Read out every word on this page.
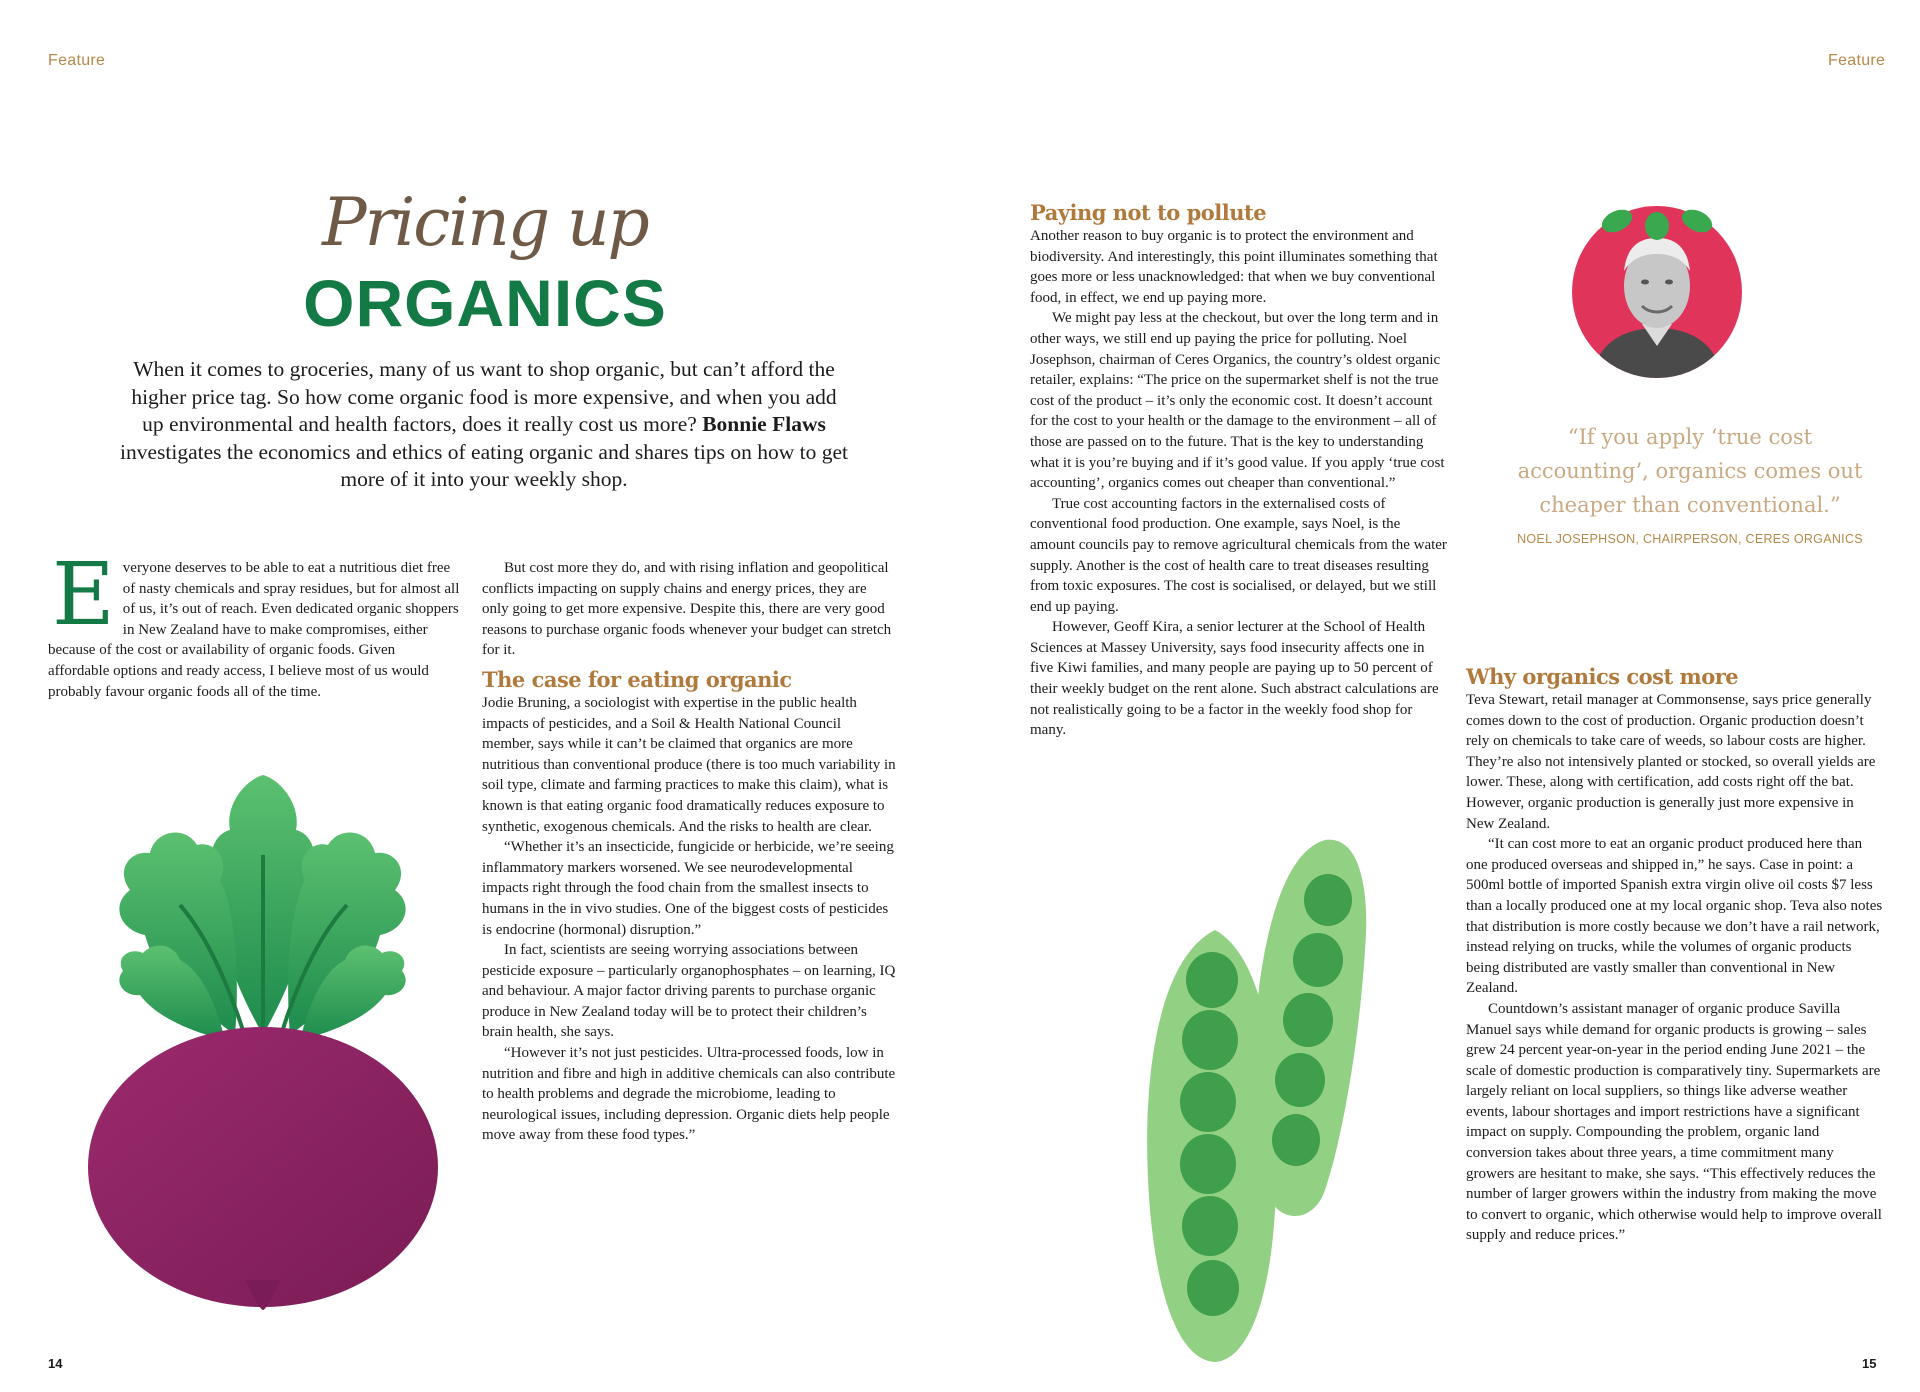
Feature	Feature
14	15
Pricing up
ORGANICS
When it comes to groceries, many of us want to shop organic, but can’t afford the higher price tag. So how come organic food is more expensive, and when you add up environmental and health factors, does it really cost us more? Bonnie Flaws investigates the economics and ethics of eating organic and shares tips on how to get more of it into your weekly shop.
E veryone deserves to be able to eat a nutritious diet free of nasty chemicals and spray residues, but for almost all of us, it’s out of reach. Even dedicated organic shoppers in New Zealand have to make compromises, either because of the cost or availability of organic foods. Given affordable options and ready access, I believe most of us would probably favour organic foods all of the time.

But cost more they do, and with rising inflation and geopolitical conflicts impacting on supply chains and energy prices, they are only going to get more expensive. Despite this, there are very good reasons to purchase organic foods whenever your budget can stretch for it.

The case for eating organic

Jodie Bruning, a sociologist with expertise in the public health impacts of pesticides, and a Soil & Health National Council member, says while it can’t be claimed that organics are more nutritious than conventional produce (there is too much variability in soil type, climate and farming practices to make this claim), what is known is that eating organic food dramatically reduces exposure to synthetic, exogenous chemicals. And the risks to health are clear.

“Whether it’s an insecticide, fungicide or herbicide, we’re seeing inflammatory markers worsened. We see neurodevelopmental impacts right through the food chain from the smallest insects to humans in the in vivo studies. One of the biggest costs of pesticides is endocrine (hormonal) disruption.”

In fact, scientists are seeing worrying associations between pesticide exposure – particularly organophosphates – on learning, IQ and behaviour. A major factor driving parents to purchase organic produce in New Zealand today will be to protect their children’s brain health, she says.

“However it’s not just pesticides. Ultra-processed foods, low in nutrition and fibre and high in additive chemicals can also contribute to health problems and degrade the microbiome, leading to neurological issues, including depression. Organic diets help people move away from these food types.”

Paying not to pollute

Another reason to buy organic is to protect the environment and biodiversity. And interestingly, this point illuminates something that goes more or less unacknowledged: that when we buy conventional food, in effect, we end up paying more.

We might pay less at the checkout, but over the long term and in other ways, we still end up paying the price for polluting. Noel Josephson, chairman of Ceres Organics, the country’s oldest organic retailer, explains: “The price on the supermarket shelf is not the true cost of the product – it’s only the economic cost. It doesn’t account for the cost to your health or the damage to the environment – all of those are passed on to the future. That is the key to understanding what it is you’re buying and if it’s good value. If you apply ‘true cost accounting’, organics comes out cheaper than conventional.”

True cost accounting factors in the externalised costs of conventional food production. One example, says Noel, is the amount councils pay to remove agricultural chemicals from the water supply. Another is the cost of health care to treat diseases resulting from toxic exposures. The cost is socialised, or delayed, but we still end up paying.

However, Geoff Kira, a senior lecturer at the School of Health Sciences at Massey University, says food insecurity affects one in five Kiwi families, and many people are paying up to 50 percent of their weekly budget on the rent alone. Such abstract calculations are not realistically going to be a factor in the weekly food shop for many.

“If you apply ‘true cost accounting’, organics comes out cheaper than conventional.”
NOEL JOSEPHSON, CHAIRPERSON, CERES ORGANICS
Why organics cost more

Teva Stewart, retail manager at Commonsense, says price generally comes down to the cost of production. Organic production doesn’t rely on chemicals to take care of weeds, so labour costs are higher. They’re also not intensively planted or stocked, so overall yields are lower. These, along with certification, add costs right off the bat. However, organic production is generally just more expensive in New Zealand.

“It can cost more to eat an organic product produced here than one produced overseas and shipped in,” he says. Case in point: a 500ml bottle of imported Spanish extra virgin olive oil costs $7 less than a locally produced one at my local organic shop. Teva also notes that distribution is more costly because we don’t have a rail network, instead relying on trucks, while the volumes of organic products being distributed are vastly smaller than conventional in New Zealand.

Countdown’s assistant manager of organic produce Savilla Manuel says while demand for organic products is growing – sales grew 24 percent year-on-year in the period ending June 2021 – the scale of domestic production is comparatively tiny. Supermarkets are largely reliant on local suppliers, so things like adverse weather events, labour shortages and import restrictions have a significant impact on supply. Compounding the problem, organic land conversion takes about three years, a time commitment many growers are hesitant to make, she says. “This effectively reduces the number of larger growers within the industry from making the move to convert to organic, which otherwise would help to improve overall supply and reduce prices.”
